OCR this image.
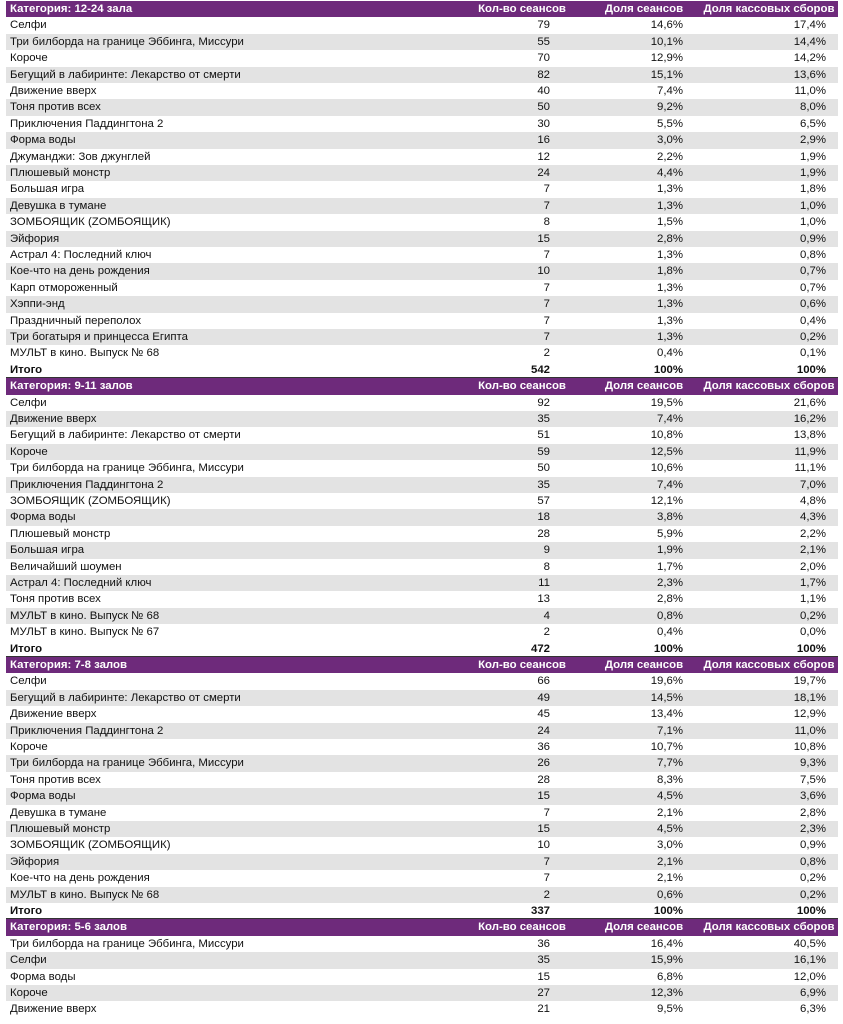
Категория: 12-24 зала	Кол-во сеансов	Доля сеансов	Доля кассовых сборов
Селфи	79	14,6%	17,4%
Три билборда на границе Эббинга, Миссури	55	10,1%	14,4%
Короче	70	12,9%	14,2%
Бегущий в лабиринте: Лекарство от смерти	82	15,1%	13,6%
Движение вверх	40	7,4%	11,0%
Тоня против всех	50	9,2%	8,0%
Приключения Паддингтона 2	30	5,5%	6,5%
Форма воды	16	3,0%	2,9%
Джуманджи: Зов джунглей	12	2,2%	1,9%
Плюшевый монстр	24	4,4%	1,9%
Большая игра	7	1,3%	1,8%
Девушка в тумане	7	1,3%	1,0%
ЗОМБОЯЩИК (ZОМБОЯЩИК)	8	1,5%	1,0%
Эйфория	15	2,8%	0,9%
Астрал 4: Последний ключ	7	1,3%	0,8%
Кое-что на день рождения	10	1,8%	0,7%
Карп отмороженный	7	1,3%	0,7%
Хэппи-энд	7	1,3%	0,6%
Праздничный переполох	7	1,3%	0,4%
Три богатыря и принцесса Египта	7	1,3%	0,2%
МУЛЬТ в кино. Выпуск № 68	2	0,4%	0,1%
Итого	542	100%	100%
Категория: 9-11 залов	Кол-во сеансов	Доля сеансов	Доля кассовых сборов
Селфи	92	19,5%	21,6%
Движение вверх	35	7,4%	16,2%
Бегущий в лабиринте: Лекарство от смерти	51	10,8%	13,8%
Короче	59	12,5%	11,9%
Три билборда на границе Эббинга, Миссури	50	10,6%	11,1%
Приключения Паддингтона 2	35	7,4%	7,0%
ЗОМБОЯЩИК (ZОМБОЯЩИК)	57	12,1%	4,8%
Форма воды	18	3,8%	4,3%
Плюшевый монстр	28	5,9%	2,2%
Большая игра	9	1,9%	2,1%
Величайший шоумен	8	1,7%	2,0%
Астрал 4: Последний ключ	11	2,3%	1,7%
Тоня против всех	13	2,8%	1,1%
МУЛЬТ в кино. Выпуск № 68	4	0,8%	0,2%
МУЛЬТ в кино. Выпуск № 67	2	0,4%	0,0%
Итого	472	100%	100%
Категория: 7-8 залов	Кол-во сеансов	Доля сеансов	Доля кассовых сборов
Селфи	66	19,6%	19,7%
Бегущий в лабиринте: Лекарство от смерти	49	14,5%	18,1%
Движение вверх	45	13,4%	12,9%
Приключения Паддингтона 2	24	7,1%	11,0%
Короче	36	10,7%	10,8%
Три билборда на границе Эббинга, Миссури	26	7,7%	9,3%
Тоня против всех	28	8,3%	7,5%
Форма воды	15	4,5%	3,6%
Девушка в тумане	7	2,1%	2,8%
Плюшевый монстр	15	4,5%	2,3%
ЗОМБОЯЩИК (ZОМБОЯЩИК)	10	3,0%	0,9%
Эйфория	7	2,1%	0,8%
Кое-что на день рождения	7	2,1%	0,2%
МУЛЬТ в кино. Выпуск № 68	2	0,6%	0,2%
Итого	337	100%	100%
Категория: 5-6 залов	Кол-во сеансов	Доля сеансов	Доля кассовых сборов
Три билборда на границе Эббинга, Миссури	36	16,4%	40,5%
Селфи	35	15,9%	16,1%
Форма воды	15	6,8%	12,0%
Короче	27	12,3%	6,9%
Движение вверх	21	9,5%	6,3%
